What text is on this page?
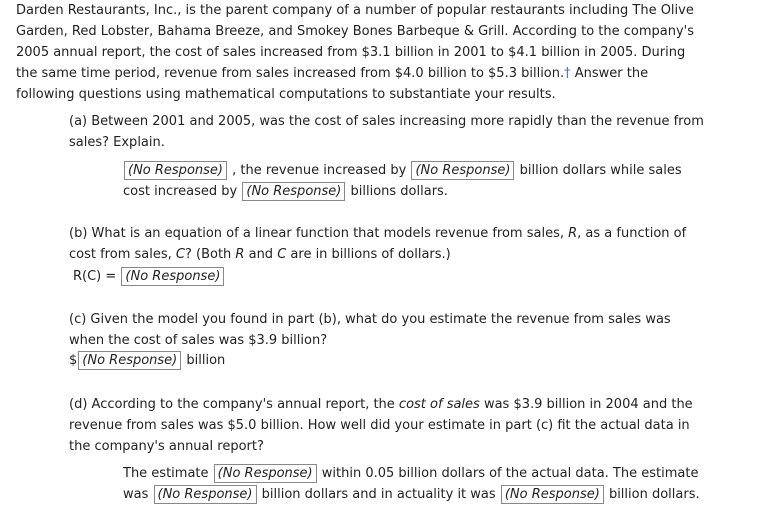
Darden Restaurants, Inc., is the parent company of a number of popular restaurants including The Olive
Garden, Red Lobster, Bahama Breeze, and Smokey Bones Barbeque & Grill. According to the company's
2005 annual report, the cost of sales increased from $3.1 billion in 2001 to $4.1 billion in 2005. During
the same time period, revenue from sales increased from $4.0 billion to $5.3 billion.† Answer the
following questions using mathematical computations to substantiate your results.
(a) Between 2001 and 2005, was the cost of sales increasing more rapidly than the revenue from
sales? Explain.
(No Response) , the revenue increased by (No Response) billion dollars while sales
cost increased by (No Response) billions dollars.
(b) What is an equation of a linear function that models revenue from sales, R, as a function of
cost from sales, C? (Both R and C are in billions of dollars.)
R(C) = (No Response)
(c) Given the model you found in part (b), what do you estimate the revenue from sales was
when the cost of sales was $3.9 billion?
$ (No Response) billion
(d) According to the company's annual report, the cost of sales was $3.9 billion in 2004 and the
revenue from sales was $5.0 billion. How well did your estimate in part (c) fit the actual data in
the company's annual report?
The estimate (No Response) within 0.05 billion dollars of the actual data. The estimate
was (No Response) billion dollars and in actuality it was (No Response) billion dollars.
